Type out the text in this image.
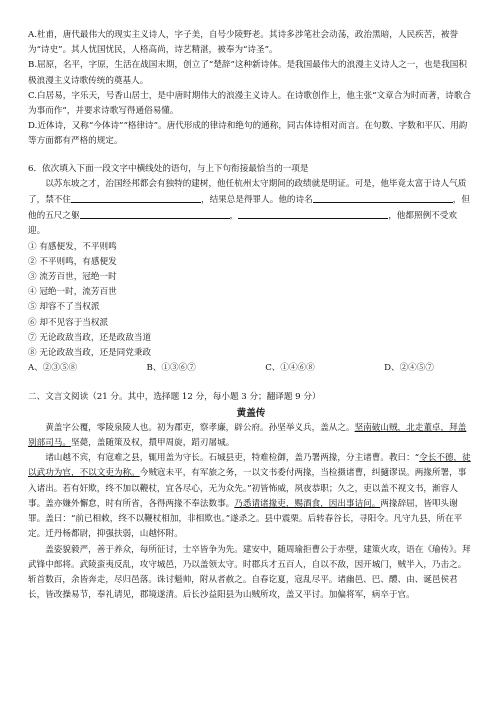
A.杜甫，唐代最伟大的现实主义诗人，字子美，自号少陵野老。其诗多涉笔社会动荡，政治黑暗，人民疾苦，被誉为“诗史”。其人忧国忧民，人格高尚，诗艺精湛，被奉为“诗圣”。

B.屈原，名平，字原，生活在战国末期，创立了“楚辞”这种新诗体。是我国最伟大的浪漫主义诗人之一，也是我国积极浪漫主义诗歌传统的奠基人。

C.白居易，字乐天，号香山居士，是中唐时期伟大的浪漫主义诗人。在诗歌创作上，他主张“文章合为时而著，诗歌合为事而作”，并要求诗歌写得通俗易懂。

D.近体诗，又称“今体诗”“格律诗”。唐代形成的律诗和绝句的通称，同古体诗相对而言。在句数、字数和平仄、用韵等方面都有严格的规定。

6．依次填入下面一段文字中横线处的语句，与上下句衔接最恰当的一项是

以苏东坡之才，治国经邦都会有独特的建树，他任杭州太守期间的政绩就是明证。可是，他毕竟太富于诗人气质了，禁不住	，结果总是得罪人。他的诗名	，但他的五尺之躯	，	，他都照例不受欢迎。

① 有感便发，不平则鸣

② 不平则鸣，有感便发

③ 流芳百世，冠绝一时

④ 冠绝一时，流芳百世

⑤ 却容不了当权派

⑥ 却不见容于当权派

⑦ 无论政敌当政，还是政敌当道

⑧ 无论政敌当政，还是同党秉政

A、②③⑤⑧	B、①③⑥⑦	C、①④⑥⑧	D、②④⑤⑦

二、文言文阅读（21 分。其中，选择题 12 分，每小题 3 分；翻译题 9 分）

黄盖传

黄盖字公覆，零陵泉陵人也。初为郡吏，察孝廉，辟公府。孙坚举义兵，盖从之。坚南破山贼，北走董卓，拜盖别部司马。坚薨，盖随策及权，擐甲周旋，蹈刃屠城。

诸山越不宾，有寇难之县，辄用盖为守长。石城县吏，特难检御，盖乃署两掾，分主诸曹。教曰：“令长不德，徒以武功为官，不以文吏为称。今贼寇未平，有军旅之务，一以文书委付两掾，当检摄诸曹，纠擿谬误。两掾所署，事入诸出。若有奸欺，终不加以鞭杖，宜各尽心，无为众先。”初皆怖威，夙夜恭职；久之，吏以盖不视文书，渐容人事。盖亦嫌外懈怠，时有所省，各得两掾不奉法数事。乃悉请诸掾吏，赐酒食，因出事诘问。两掾辞屈，皆叩头谢罪。盖曰：“前已相敕，终不以鞭杖相加，非相欺也。”遂杀之。县中震栗。后转春谷长，寻阳令。凡守九县，所在平定。迁丹杨都尉，抑强扶弱，山越怀附。

盖姿貌毅严，善于养众，每所征讨，士卒皆争为先。建安中，随周瑜拒曹公于赤壁，建策火攻，语在《瑜传》。拜武锋中郎将。武陵蛮夷反乱，攻守城邑，乃以盖领太守。时郡兵才五百人，自以不敌，因开城门，贼半入，乃击之。斩首数百，余皆奔走，尽归邑落。诛讨魁帅，附从者赦之。自春讫夏，寇乱尽平。诸幽邑、巴、醴、由、诞邑侯君长，皆改操易节，奉礼请见，郡境遂清。后长沙益阳县为山贼所攻，盖又平讨。加偏将军，病卒于官。
